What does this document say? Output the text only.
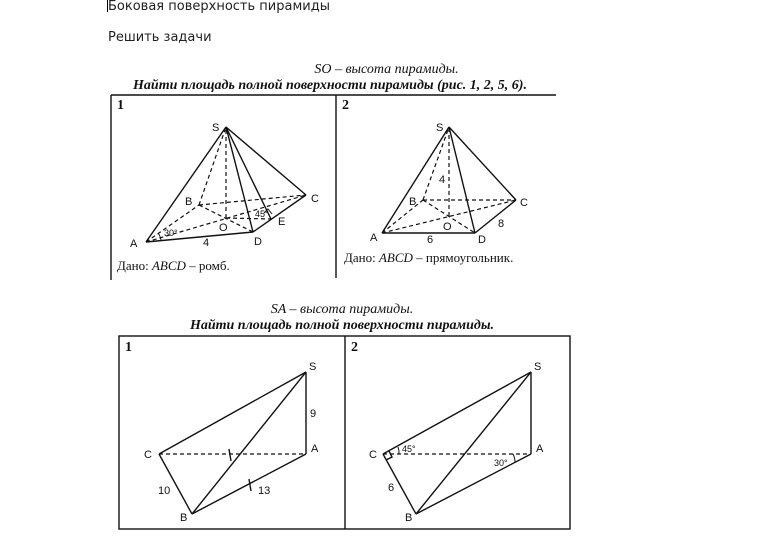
Боковая поверхность пирамиды
Решить задачи
SO – высота пирамиды.
Найти площадь полной поверхности пирамиды (рис. 1, 2, 5, 6).
SA – высота пирамиды.
Найти площадь полной поверхности пирамиды.
S
A
B	C
D
O	E
30°
45°
4
1
Дано: ABCD – ромб.
S
A
B	C
D
O
4
6
8
2
Дано: ABCD – прямоугольник.
S
A
B
C
9
10	13
1
S
A
B
C	45°
30°
6
2
